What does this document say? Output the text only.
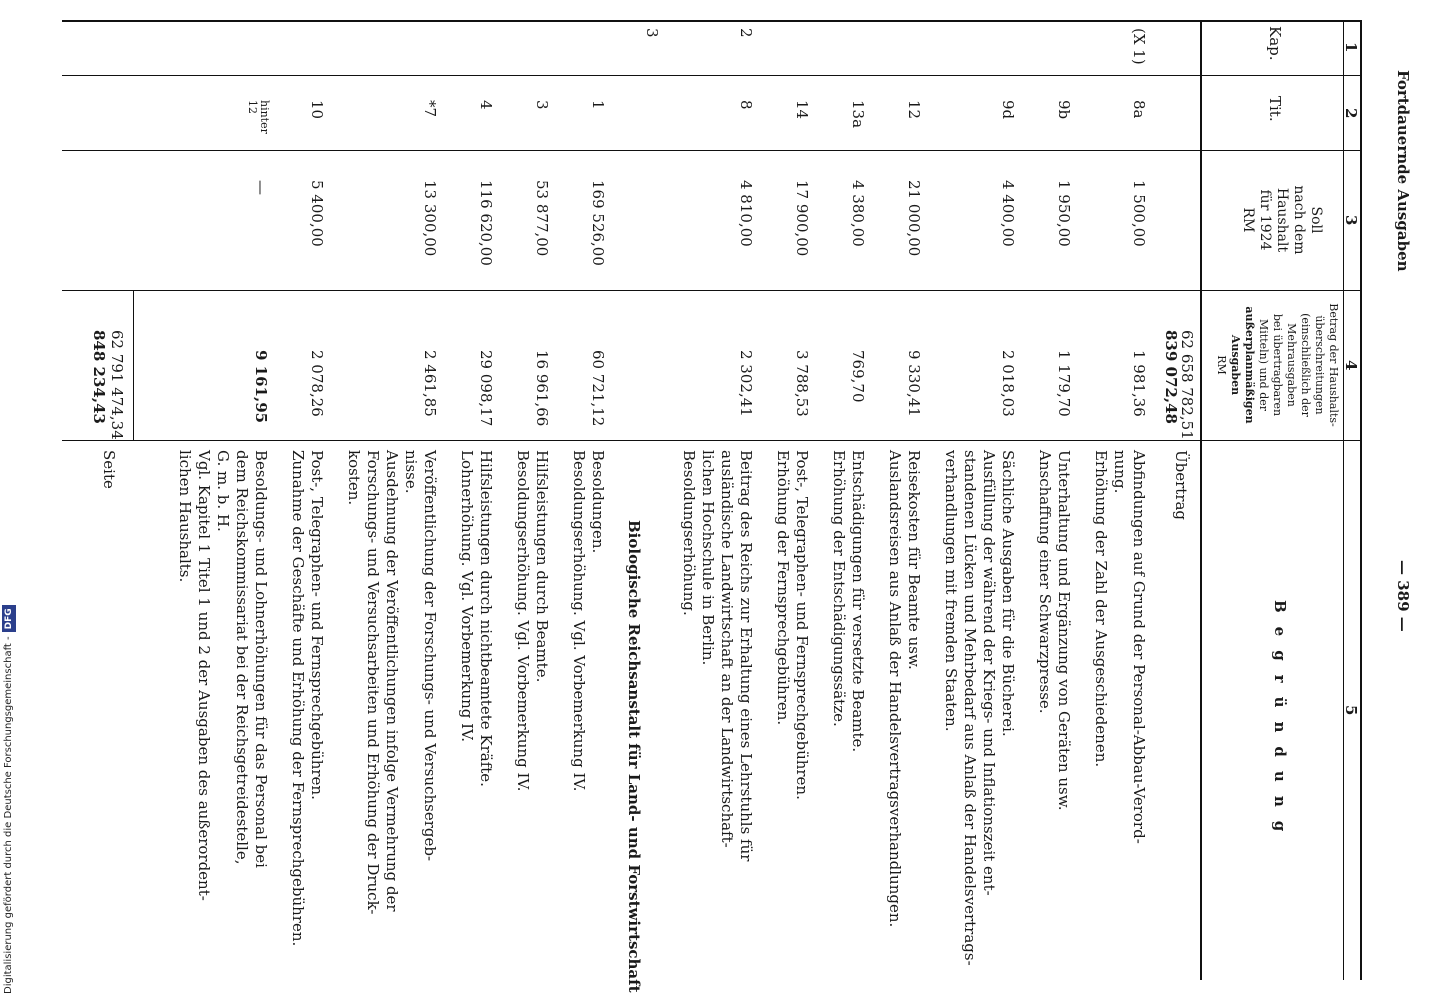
Fortdauernde Ausgaben
— 389 —
1
2
3
4
5
Kap.
Tit.
Soll
nach dem
Haushalt
für 1924
RM
Betrag der Haushalts-
überschreitungen
(einschließlich der
Mehrausgaben
bei übertragbaren
Mitteln) und der
außerplanmäßigen
Ausgaben
RM
Begründung
62 658 782,51
839 072,48
Übertrag
(X 1)
8a
1 500,00
1 981,36
Abfindungen auf Grund der Personal-Abbau-Verord-
nung.
Erhöhung der Zahl der Ausgeschiedenen.
9b
1 950,00
1 179,70
Unterhaltung und Ergänzung von Geräten usw.
Anschaffung einer Schwarzpresse.
9d
4 400,00
2 018,03
Sächliche Ausgaben für die Bücherei.
Ausfüllung der während der Kriegs- und Inflationszeit ent-
standenen Lücken und Mehrbedarf aus Anlaß der Handelsvertrags-
verhandlungen mit fremden Staaten.
12
21 000,00
9 330,41
Reisekosten für Beamte usw.
Auslandsreisen aus Anlaß der Handelsvertragsverhandlungen.
13a
4 380,00
769,70
Entschädigungen für versetzte Beamte.
Erhöhung der Entschädigungssätze.
14
17 900,00
3 788,53
Post-, Telegraphen- und Fernsprechgebühren.
Erhöhung der Fernsprechgebühren.
2
8
4 810,00
2 302,41
Beitrag des Reichs zur Erhaltung eines Lehrstuhls für
ausländische Landwirtschaft an der Landwirtschaft-
lichen Hochschule in Berlin.
Besoldungserhöhung.
3
Biologische Reichsanstalt für Land- und Forstwirtschaft
1
169 526,00
60 721,12
Besoldungen.
Besoldungserhöhung. Vgl. Vorbemerkung IV.
3
53 877,00
16 961,66
Hilfsleistungen durch Beamte.
Besoldungserhöhung. Vgl. Vorbemerkung IV.
4
116 620,00
29 098,17
Hilfsleistungen durch nichtbeamtete Kräfte.
Lohnerhöhung. Vgl. Vorbemerkung IV.
*7
13 300,00
2 461,85
Veröffentlichung der Forschungs- und Versuchsergeb-
nisse.
Ausdehnung der Veröffentlichungen infolge Vermehrung der
Forschungs- und Versuchsarbeiten und Erhöhung der Druck-
kosten.
10
5 400,00
2 078,26
Post-, Telegraphen- und Fernsprechgebühren.
Zunahme der Geschäfte und Erhöhung der Fernsprechgebühren.
hinter 12
—
9 161,95
Besoldungs- und Lohnerhöhungen für das Personal bei
dem Reichskommissariat bei der Reichsgetreidestelle,
G. m. b. H.
Vgl. Kapitel 1 Titel 1 und 2 der Ausgaben des außerordent-
lichen Haushalts.
62 791 474,34
848 234,43
Seite
Digitalisierung gefördert durch die Deutsche Forschungsgemeinschaft -DFG
